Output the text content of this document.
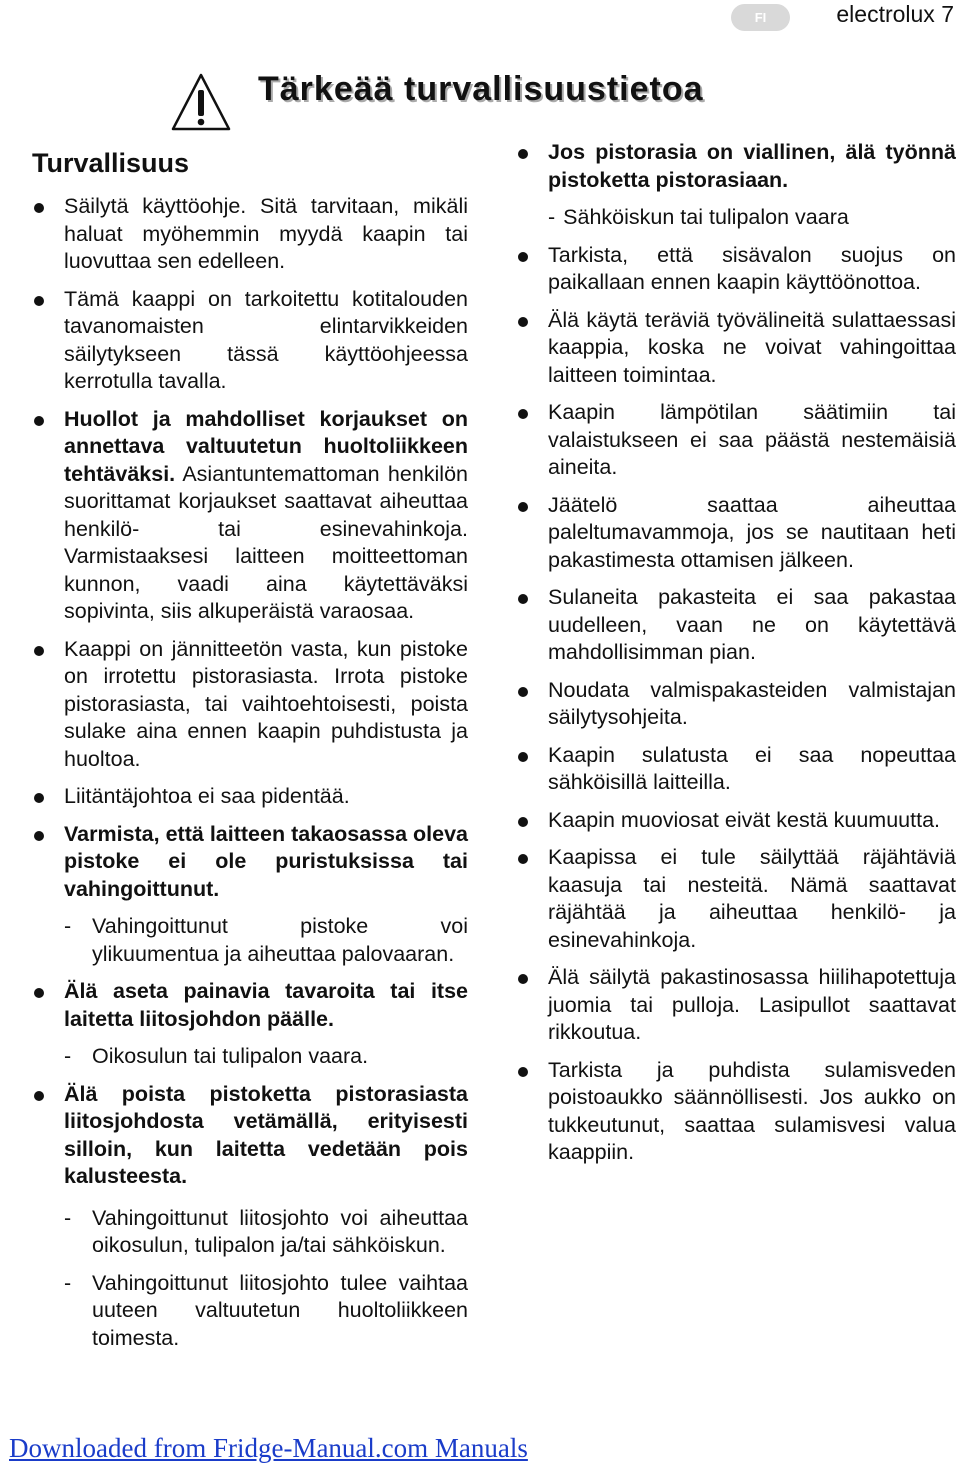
FI	electrolux 7
Tärkeää turvallisuustietoa
Turvallisuus
Säilytä käyttöohje. Sitä tarvitaan, mikäli haluat myöhemmin myydä kaapin tai luovuttaa sen edelleen.
Tämä kaappi on tarkoitettu kotitalouden tavanomaisten elintarvikkeiden säilytykseen tässä käyttöohjeessa kerrotulla tavalla.
Huollot ja mahdolliset korjaukset on annettava valtuutetun huoltoliikkeen tehtäväksi. Asiantuntemattoman henkilön suorittamat korjaukset saattavat aiheuttaa henkilö- tai esinevahinkoja. Varmistaaksesi laitteen moitteettoman kunnon, vaadi aina käytettäväksi sopivinta, siis alkuperäistä varaosaa.
Kaappi on jännitteetön vasta, kun pistoke on irrotettu pistorasiasta. Irrota pistoke pistorasiasta, tai vaihtoehtoisesti, poista sulake aina ennen kaapin puhdistusta ja huoltoa.
Liitäntäjohtoa ei saa pidentää.
Varmista, että laitteen takaosassa oleva pistoke ei ole puristuksissa tai vahingoittunut.
- Vahingoittunut pistoke voi ylikuumentua ja aiheuttaa palovaaran.
Älä aseta painavia tavaroita tai itse laitetta liitosjohdon päälle.
- Oikosulun tai tulipalon vaara.
Älä poista pistoketta pistorasiasta liitosjohdosta vetämällä, erityisesti silloin, kun laitetta vedetään pois kalusteesta.
- Vahingoittunut liitosjohto voi aiheuttaa oikosulun, tulipalon ja/tai sähköiskun.
- Vahingoittunut liitosjohto tulee vaihtaa uuteen valtuutetun huoltoliikkeen toimesta.
Jos pistorasia on viallinen, älä työnnä pistoketta pistorasiaan.
- Sähköiskun tai tulipalon vaara
Tarkista, että sisävalon suojus on paikallaan ennen kaapin käyttöönottoa.
Älä käytä teräviä työvälineitä sulattaessasi kaappia, koska ne voivat vahingoittaa laitteen toimintaa.
Kaapin lämpötilan säätimiin tai valaistukseen ei saa päästä nestemäisiä aineita.
Jäätelö saattaa aiheuttaa paleltumavammoja, jos se nautitaan heti pakastimesta ottamisen jälkeen.
Sulaneita pakasteita ei saa pakastaa uudelleen, vaan ne on käytettävä mahdollisimman pian.
Noudata valmispakasteiden valmistajan säilytysohjeita.
Kaapin sulatusta ei saa nopeuttaa sähköisillä laitteilla.
Kaapin muoviosat eivät kestä kuumuutta.
Kaapissa ei tule säilyttää räjähtäviä kaasuja tai nesteitä. Nämä saattavat räjähtää ja aiheuttaa henkilö- ja esinevahinkoja.
Älä säilytä pakastinosassa hiilihapotettuja juomia tai pulloja. Lasipullot saattavat rikkoutua.
Tarkista ja puhdista sulamisveden poistoaukko säännöllisesti. Jos aukko on tukkeutunut, saattaa sulamisvesi valua kaappiin.
Downloaded from Fridge-Manual.com Manuals
